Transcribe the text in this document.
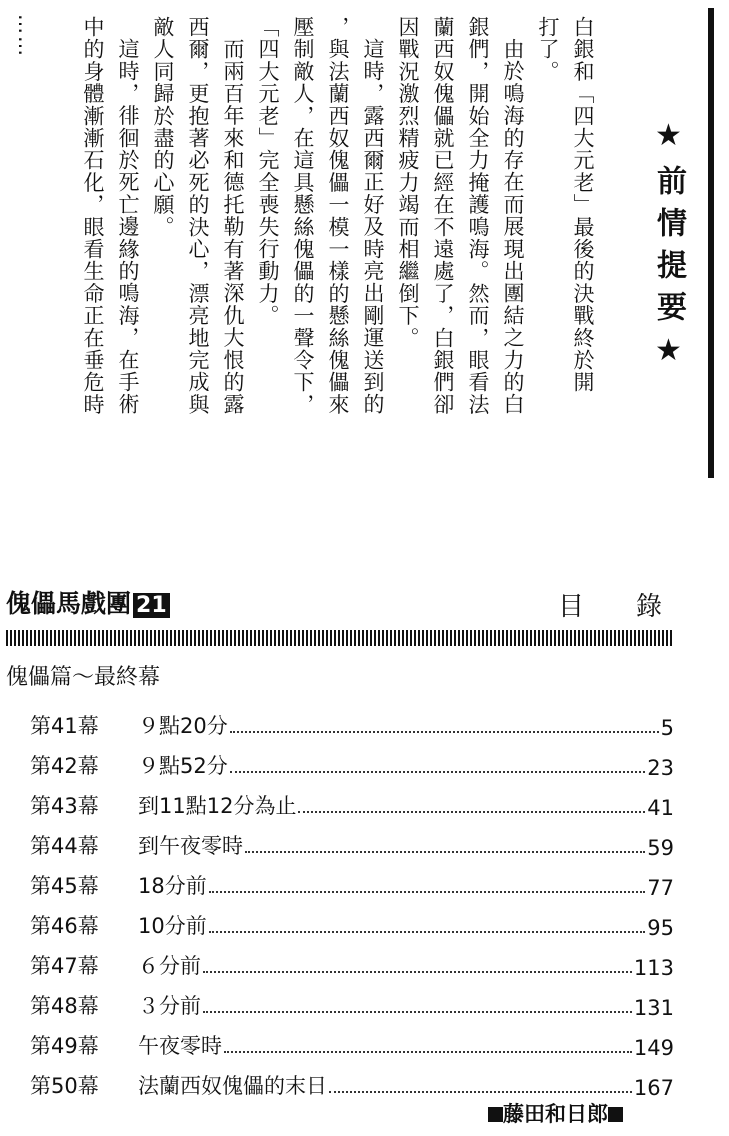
★前情提要★
白銀和「四大元老」最後的決戰終於開
打了。
由於鳴海的存在而展現出團結之力的白
銀們，開始全力掩護鳴海。然而，眼看法
蘭西奴傀儡就已經在不遠處了，白銀們卻
因戰況激烈精疲力竭而相繼倒下。
這時，露西爾正好及時亮出剛運送到的
，與法蘭西奴傀儡一模一樣的懸絲傀儡來
壓制敵人，在這具懸絲傀儡的一聲令下，
「四大元老」完全喪失行動力。
而兩百年來和德托勒有著深仇大恨的露
西爾，更抱著必死的決心，漂亮地完成與
敵人同歸於盡的心願。
這時，徘徊於死亡邊緣的鳴海，在手術
中的身體漸漸石化，眼看生命正在垂危時
……
傀儡馬戲團 21	目錄
傀儡篇～最終幕
第41幕	９點20分	5
第42幕	９點52分	23
第43幕	到11點12分為止	41
第44幕	到午夜零時	59
第45幕	18分前	77
第46幕	10分前	95
第47幕	６分前	113
第48幕	３分前	131
第49幕	午夜零時	149
第50幕	法蘭西奴傀儡的末日	167
藤田和日郎
